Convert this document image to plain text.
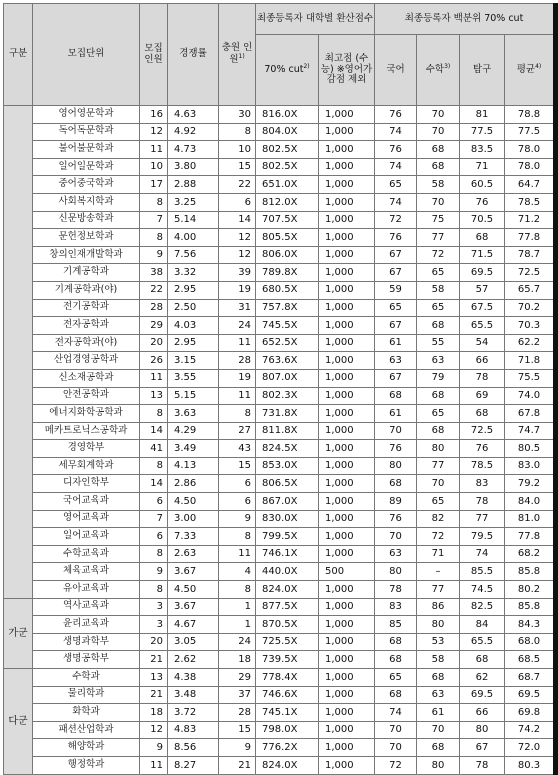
구분	모집단위	모집 인원	경쟁률	충원 인원$^{1)}$	최종등록자 대학별 환산점수		최종등록자 백분위 70% cut			
					70% cut$^{2)}$	최고점 (수능) ※영어가 감점 제외	국어	수학$^{3)}$	탐구	평균$^{4)}$
	영어영문학과	16	4.63	30	816.0X	1,000	76	70	81	78.8
	독어독문학과	12	4.92	8	804.0X	1,000	74	70	77.5	77.5
	불어불문학과	11	4.73	10	802.5X	1,000	76	68	83.5	78.0
	일어일문학과	10	3.80	15	802.5X	1,000	74	68	71	78.0
	중어중국학과	17	2.88	22	651.0X	1,000	65	58	60.5	64.7
	사회복지학과	8	3.25	6	812.0X	1,000	74	70	76	78.5
	신문방송학과	7	5.14	14	707.5X	1,000	72	75	70.5	71.2
	문헌정보학과	8	4.00	12	805.5X	1,000	76	77	68	77.8
	창의인재개발학과	9	7.56	12	806.0X	1,000	67	72	71.5	78.7
	기계공학과	38	3.32	39	789.8X	1,000	67	65	69.5	72.5
	기계공학과(야)	22	2.95	19	680.5X	1,000	59	58	57	65.7
	전기공학과	28	2.50	31	757.8X	1,000	65	65	67.5	70.2
	전자공학과	29	4.03	24	745.5X	1,000	67	68	65.5	70.3
	전자공학과(야)	20	2.95	11	652.5X	1,000	61	55	54	62.2
	산업경영공학과	26	3.15	28	763.6X	1,000	63	63	66	71.8
	신소재공학과	11	3.55	19	807.0X	1,000	67	79	78	75.5
	안전공학과	13	5.15	11	802.3X	1,000	68	68	69	74.0
	에너지화학공학과	8	3.63	8	731.8X	1,000	61	65	68	67.8
	메카트로닉스공학과	14	4.29	27	811.8X	1,000	70	68	72.5	74.7
	경영학부	41	3.49	43	824.5X	1,000	76	80	76	80.5
	세무회계학과	8	4.13	15	853.0X	1,000	80	77	78.5	83.0
	디자인학부	14	2.86	6	806.5X	1,000	68	70	83	79.2
	국어교육과	6	4.50	6	867.0X	1,000	89	65	78	84.0
	영어교육과	7	3.00	9	830.0X	1,000	76	82	77	81.0
	일어교육과	6	7.33	8	799.5X	1,000	70	72	79.5	77.8
	수학교육과	8	2.63	11	746.1X	1,000	63	71	74	68.2
	체육교육과	9	3.67	4	440.0X	500	80	–	85.5	85.8
	유아교육과	8	4.50	8	824.0X	1,000	78	77	74.5	80.2
가군	역사교육과	3	3.67	1	877.5X	1,000	83	86	82.5	85.8
	윤리교육과	3	4.67	1	870.5X	1,000	85	80	84	84.3
	생명과학부	20	3.05	24	725.5X	1,000	68	53	65.5	68.0
	생명공학부	21	2.62	18	739.5X	1,000	68	58	68	68.5
다군	수학과	13	4.38	29	778.4X	1,000	65	68	62	68.7
	물리학과	21	3.48	37	746.6X	1,000	68	63	69.5	69.5
	화학과	18	3.72	28	745.1X	1,000	74	61	66	69.8
	패션산업학과	12	4.83	15	798.0X	1,000	70	70	80	74.2
	해양학과	9	8.56	9	776.2X	1,000	70	68	67	72.0
	행정학과	11	8.27	21	824.0X	1,000	72	80	78	80.3
